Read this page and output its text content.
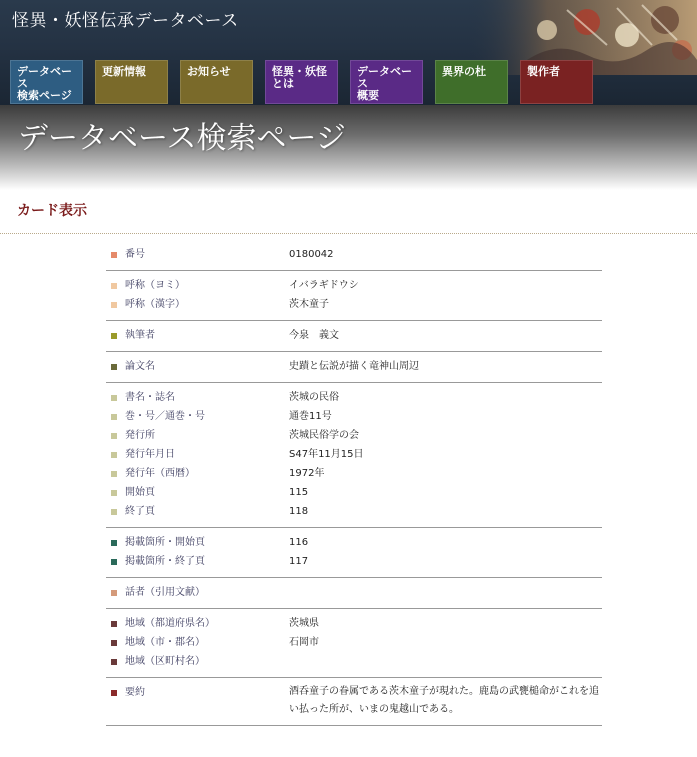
怪異・妖怪伝承データベース
データベース
検索ページ
更新情報	お知らせ	怪異・妖怪
とは
データベース
概要
異界の杜	製作者
データベース検索ページ
カード表示
番号	0180042
呼称（ヨミ）	イバラギドウシ
呼称（漢字）	茨木童子
執筆者	今泉　義文
論文名	史蹟と伝説が描く竜神山周辺
書名・誌名	茨城の民俗
巻・号／通巻・号	通巻11号
発行所	茨城民俗学の会
発行年月日	S47年11月15日
発行年（西暦）	1972年
開始頁	115
終了頁	118
掲載箇所・開始頁	116
掲載箇所・終了頁	117
話者（引用文献）
地域（都道府県名）	茨城県
地域（市・郡名）	石岡市
地域（区町村名）
要約	酒呑童子の眷属である茨木童子が現れた。鹿島の武甕槌命がこれを追い払った所が、いまの鬼越山である。
